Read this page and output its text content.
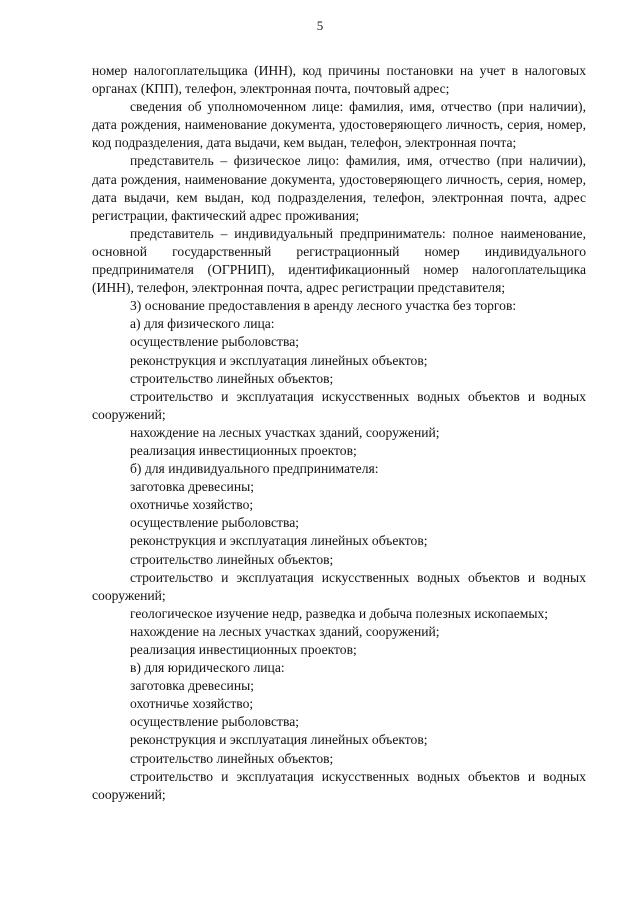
5

номер налогоплательщика (ИНН), код причины постановки на учет в налоговых органах (КПП), телефон, электронная почта, почтовый адрес;

сведения об уполномоченном лице: фамилия, имя, отчество (при наличии), дата рождения, наименование документа, удостоверяющего личность, серия, номер, код подразделения, дата выдачи, кем выдан, телефон, электронная почта;

представитель – физическое лицо: фамилия, имя, отчество (при наличии), дата рождения, наименование документа, удостоверяющего личность, серия, номер, дата выдачи, кем выдан, код подразделения, телефон, электронная почта, адрес регистрации, фактический адрес проживания;

представитель – индивидуальный предприниматель: полное наименование, основной государственный регистрационный номер индивидуального предпринимателя (ОГРНИП), идентификационный номер налогоплательщика (ИНН), телефон, электронная почта, адрес регистрации представителя;

3) основание предоставления в аренду лесного участка без торгов:

а) для физического лица:

осуществление рыболовства;

реконструкция и эксплуатация линейных объектов;

строительство линейных объектов;

строительство и эксплуатация искусственных водных объектов и водных сооружений;

нахождение на лесных участках зданий, сооружений;

реализация инвестиционных проектов;

б) для индивидуального предпринимателя:

заготовка древесины;

охотничье хозяйство;

осуществление рыболовства;

реконструкция и эксплуатация линейных объектов;

строительство линейных объектов;

строительство и эксплуатация искусственных водных объектов и водных сооружений;

геологическое изучение недр, разведка и добыча полезных ископаемых;

нахождение на лесных участках зданий, сооружений;

реализация инвестиционных проектов;

в) для юридического лица:

заготовка древесины;

охотничье хозяйство;

осуществление рыболовства;

реконструкция и эксплуатация линейных объектов;

строительство линейных объектов;

строительство и эксплуатация искусственных водных объектов и водных сооружений;
